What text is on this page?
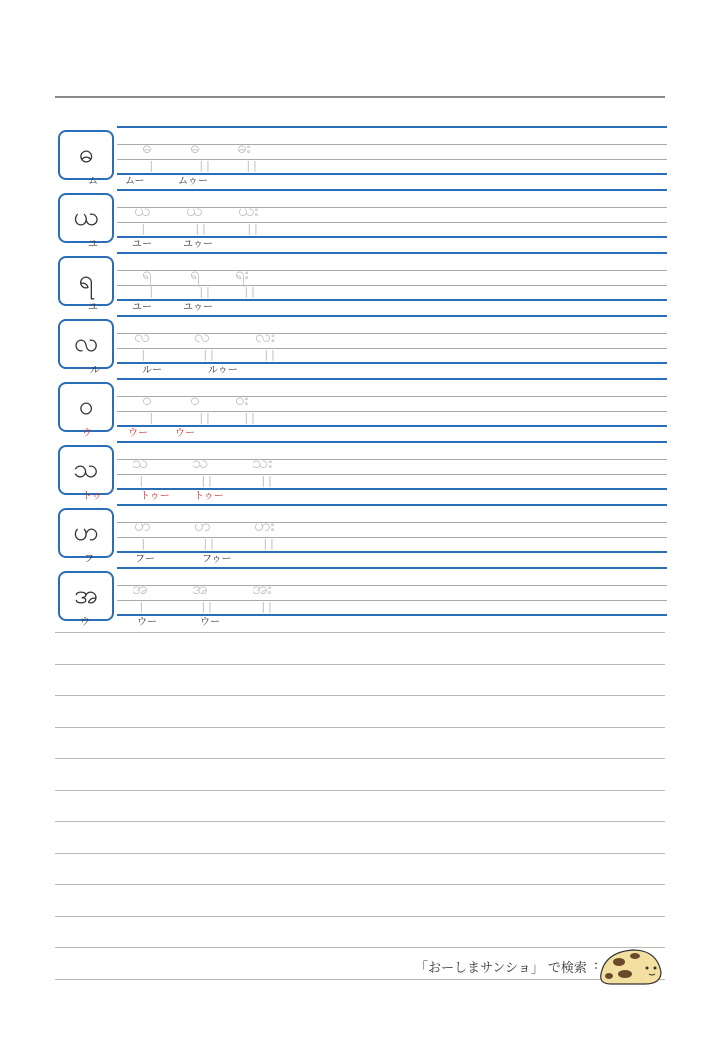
ဓ	ဓ
|
ဓ
||
ဓး
||
ム	ムー	ムゥー
ယ	ယ
|
ယ
||
ယး
||
ユ	ユー	ユゥー
ရ	ရ
|
ရ
||
ရး
||
ユ	ユー	ユゥー
လ	လ
|
လ
||
လး
||
ル	ルー	ルゥー
ဝ	ဝ
|
ဝ
||
ဝး
||
ウ	ウー	ウー
သ	သ
|
သ
||
သး
||
トゥ	トゥー トゥー
ဟ	ဟ
|
ဟ
||
ဟး
||
フ	フー	フゥー
အ	အ
|
အ
||
အး
||
ウ	ウー	ウー
「おーしまサンショ」 で検索
